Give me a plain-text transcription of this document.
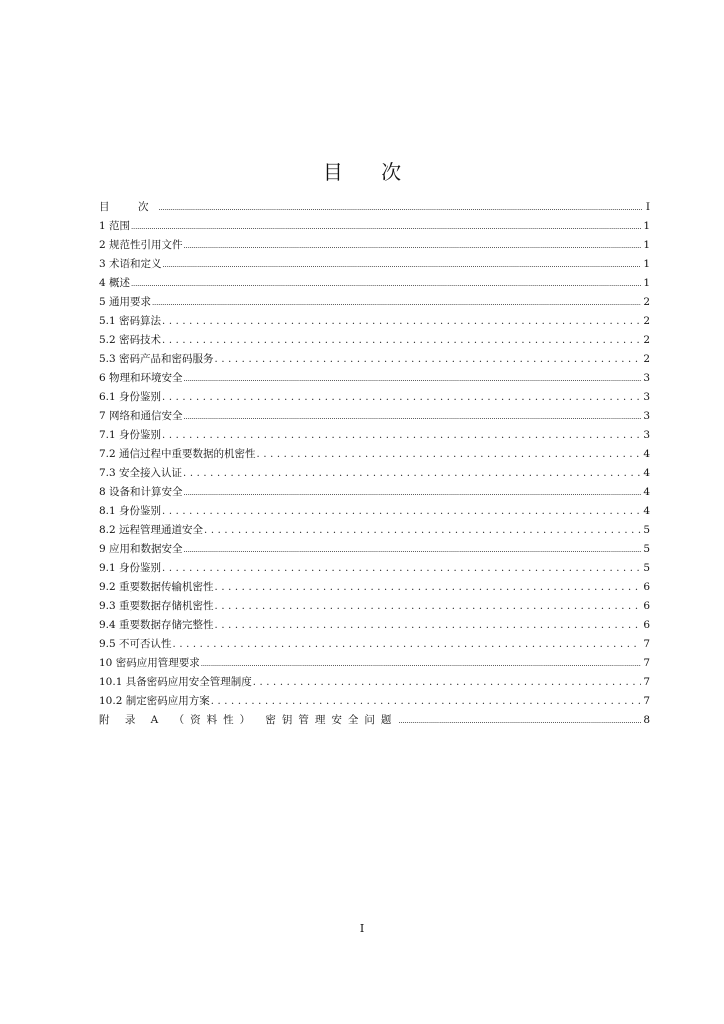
目 次
目　次 .....	I
1 范围 .....	1
2 规范性引用文件 .....	1
3 术语和定义 .....	1
4 概述 .....	1
5 通用要求 .....	2
5.1 密码算法 .....	2
5.2 密码技术 .....	2
5.3 密码产品和密码服务 .....	2
6 物理和环境安全 .....	3
6.1 身份鉴别 .....	3
7 网络和通信安全 .....	3
7.1 身份鉴别 .....	3
7.2 通信过程中重要数据的机密性 .....	4
7.3 安全接入认证 .....	4
8 设备和计算安全 .....	4
8.1 身份鉴别 .....	4
8.2 远程管理通道安全 .....	5
9 应用和数据安全 .....	5
9.1 身份鉴别 .....	5
9.2 重要数据传输机密性 .....	6
9.3 重要数据存储机密性 .....	6
9.4 重要数据存储完整性 .....	6
9.5 不可否认性 .....	7
10 密码应用管理要求 .....	7
10.1 具备密码应用安全管理制度 .....	7
10.2 制定密码应用方案 .....	7
附 录 A （资料性） 密钥管理安全问题 .....	8
I
